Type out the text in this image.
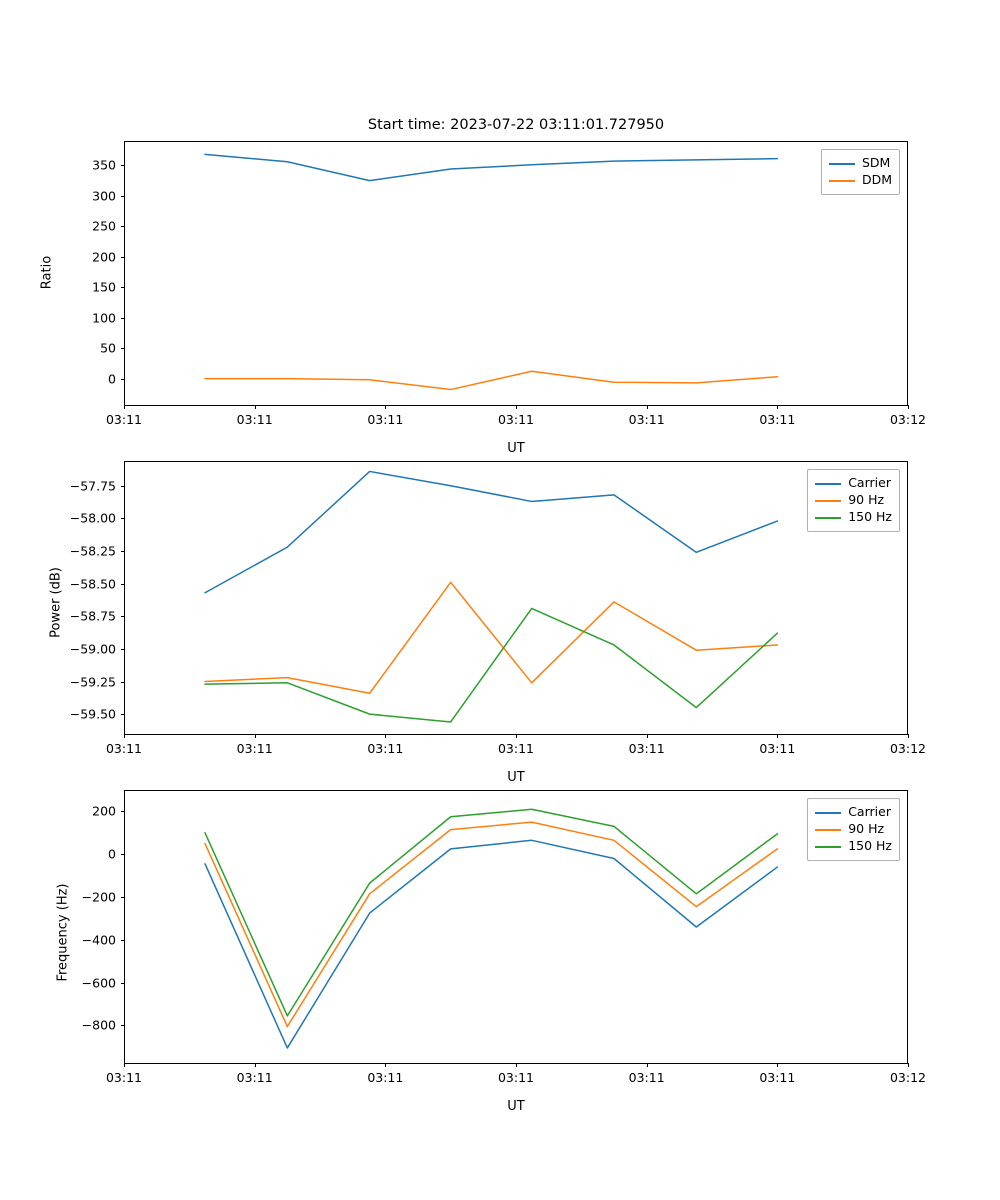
Start time: 2023-07-22 03:11:01.727950
SDM
DDM
Ratio
UT
Carrier
90 Hz
150 Hz
Power (dB)
UT
Carrier
90 Hz
150 Hz
Frequency (Hz)
UT
03:11	03:11	03:11	03:11	03:11	03:11	03:12
0
50
100
150
200
250
300
350
03:11	03:11	03:11	03:11	03:11	03:11	03:12
−59.50
−59.25
−59.00
−58.75
−58.50
−58.25
−58.00
−57.75
03:11	03:11	03:11	03:11	03:11	03:11	03:12
−800
−600
−400
−200
0
200
